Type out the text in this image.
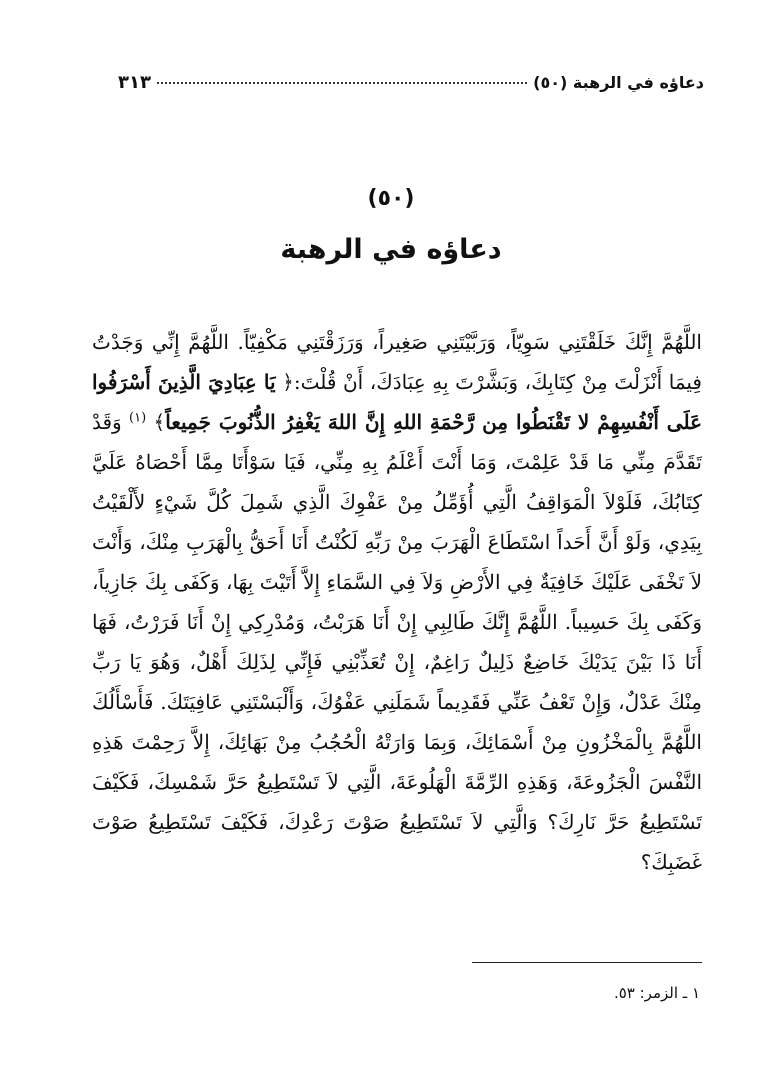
دعاؤه في الرهبة (٥٠)
٣١٣
(٥٠)
دعاؤه في الرهبة

اللَّهُمَّ إِنَّكَ خَلَقْتَنِي سَوِيّاً، وَرَبَّيْتَنِي صَغِيراً، وَرَزَقْتَنِي مَكْفِيّاً. اللَّهُمَّ إِنِّي وَجَدْتُ فِيمَا أَنْزَلْتَ مِنْ كِتَابِكَ، وَبَشَّرْتَ بِهِ عِبَادَكَ، أَنْ قُلْتَ:﴿ يَا عِبَادِيَ الَّذِينَ أَسْرَفُوا عَلَى أَنْفُسِهِمْ لا تَقْنَطُوا مِن رَّحْمَةِ اللهِ إِنَّ اللهَ يَغْفِرُ الذُّنُوبَ جَمِيعاً﴾ $^{(١)}$ وَقَدْ تَقَدَّمَ مِنِّي مَا قَدْ عَلِمْتَ، وَمَا أَنْتَ أَعْلَمُ بِهِ مِنِّي، فَيَا سَوْأَتَا مِمَّا أَحْصَاهُ عَلَيَّ كِتَابُكَ، فَلَوْلاَ الْمَوَاقِفُ الَّتِي أُؤَمِّلُ مِنْ عَفْوِكَ الَّذِي شَمِلَ كُلَّ شَيْءٍ لأَلْقَيْتُ بِيَدِي، وَلَوْ أَنَّ أَحَداً اسْتَطَاعَ الْهَرَبَ مِنْ رَبِّهِ لَكُنْتُ أَنَا أَحَقُّ بِالْهَرَبِ مِنْكَ، وَأَنْتَ لاَ تَخْفَى عَلَيْكَ خَافِيَةٌ فِي الأَرْضِ وَلاَ فِي السَّمَاءِ إِلاَّ أَتَيْتَ بِهَا، وَكَفَى بِكَ جَازِياً، وَكَفَى بِكَ حَسِيباً. اللَّهُمَّ إِنَّكَ طَالِبِي إِنْ أَنَا هَرَبْتُ، وَمُدْرِكِي إِنْ أَنَا فَرَرْتُ، فَهَا أَنَا ذَا بَيْنَ يَدَيْكَ خَاضِعٌ ذَلِيلٌ رَاغِمٌ، إِنْ تُعَذِّبْنِي فَإِنِّي لِذَلِكَ أَهْلٌ، وَهُوَ يَا رَبِّ مِنْكَ عَدْلٌ، وَإِنْ تَعْفُ عَنِّي فَقَدِيماً شَمَلَنِي عَفْوُكَ، وَأَلْبَسْتَنِي عَافِيَتَكَ. فَأَسْأَلُكَ اللَّهُمَّ بِالْمَخْزُونِ مِنْ أَسْمَائِكَ، وَبِمَا وَارَتْهُ الْحُجُبُ مِنْ بَهَائِكَ، إِلاَّ رَحِمْتَ هَذِهِ النَّفْسَ الْجَزُوعَةَ، وَهَذِهِ الرِّمَّةَ الْهَلُوعَةَ، الَّتِي لاَ تَسْتَطِيعُ حَرَّ شَمْسِكَ، فَكَيْفَ تَسْتَطِيعُ حَرَّ نَارِكَ؟ وَالَّتِي لاَ تَسْتَطِيعُ صَوْتَ رَعْدِكَ، فَكَيْفَ تَسْتَطِيعُ صَوْتَ غَضَبِكَ؟

١ ـ الزمر: ٥٣.
